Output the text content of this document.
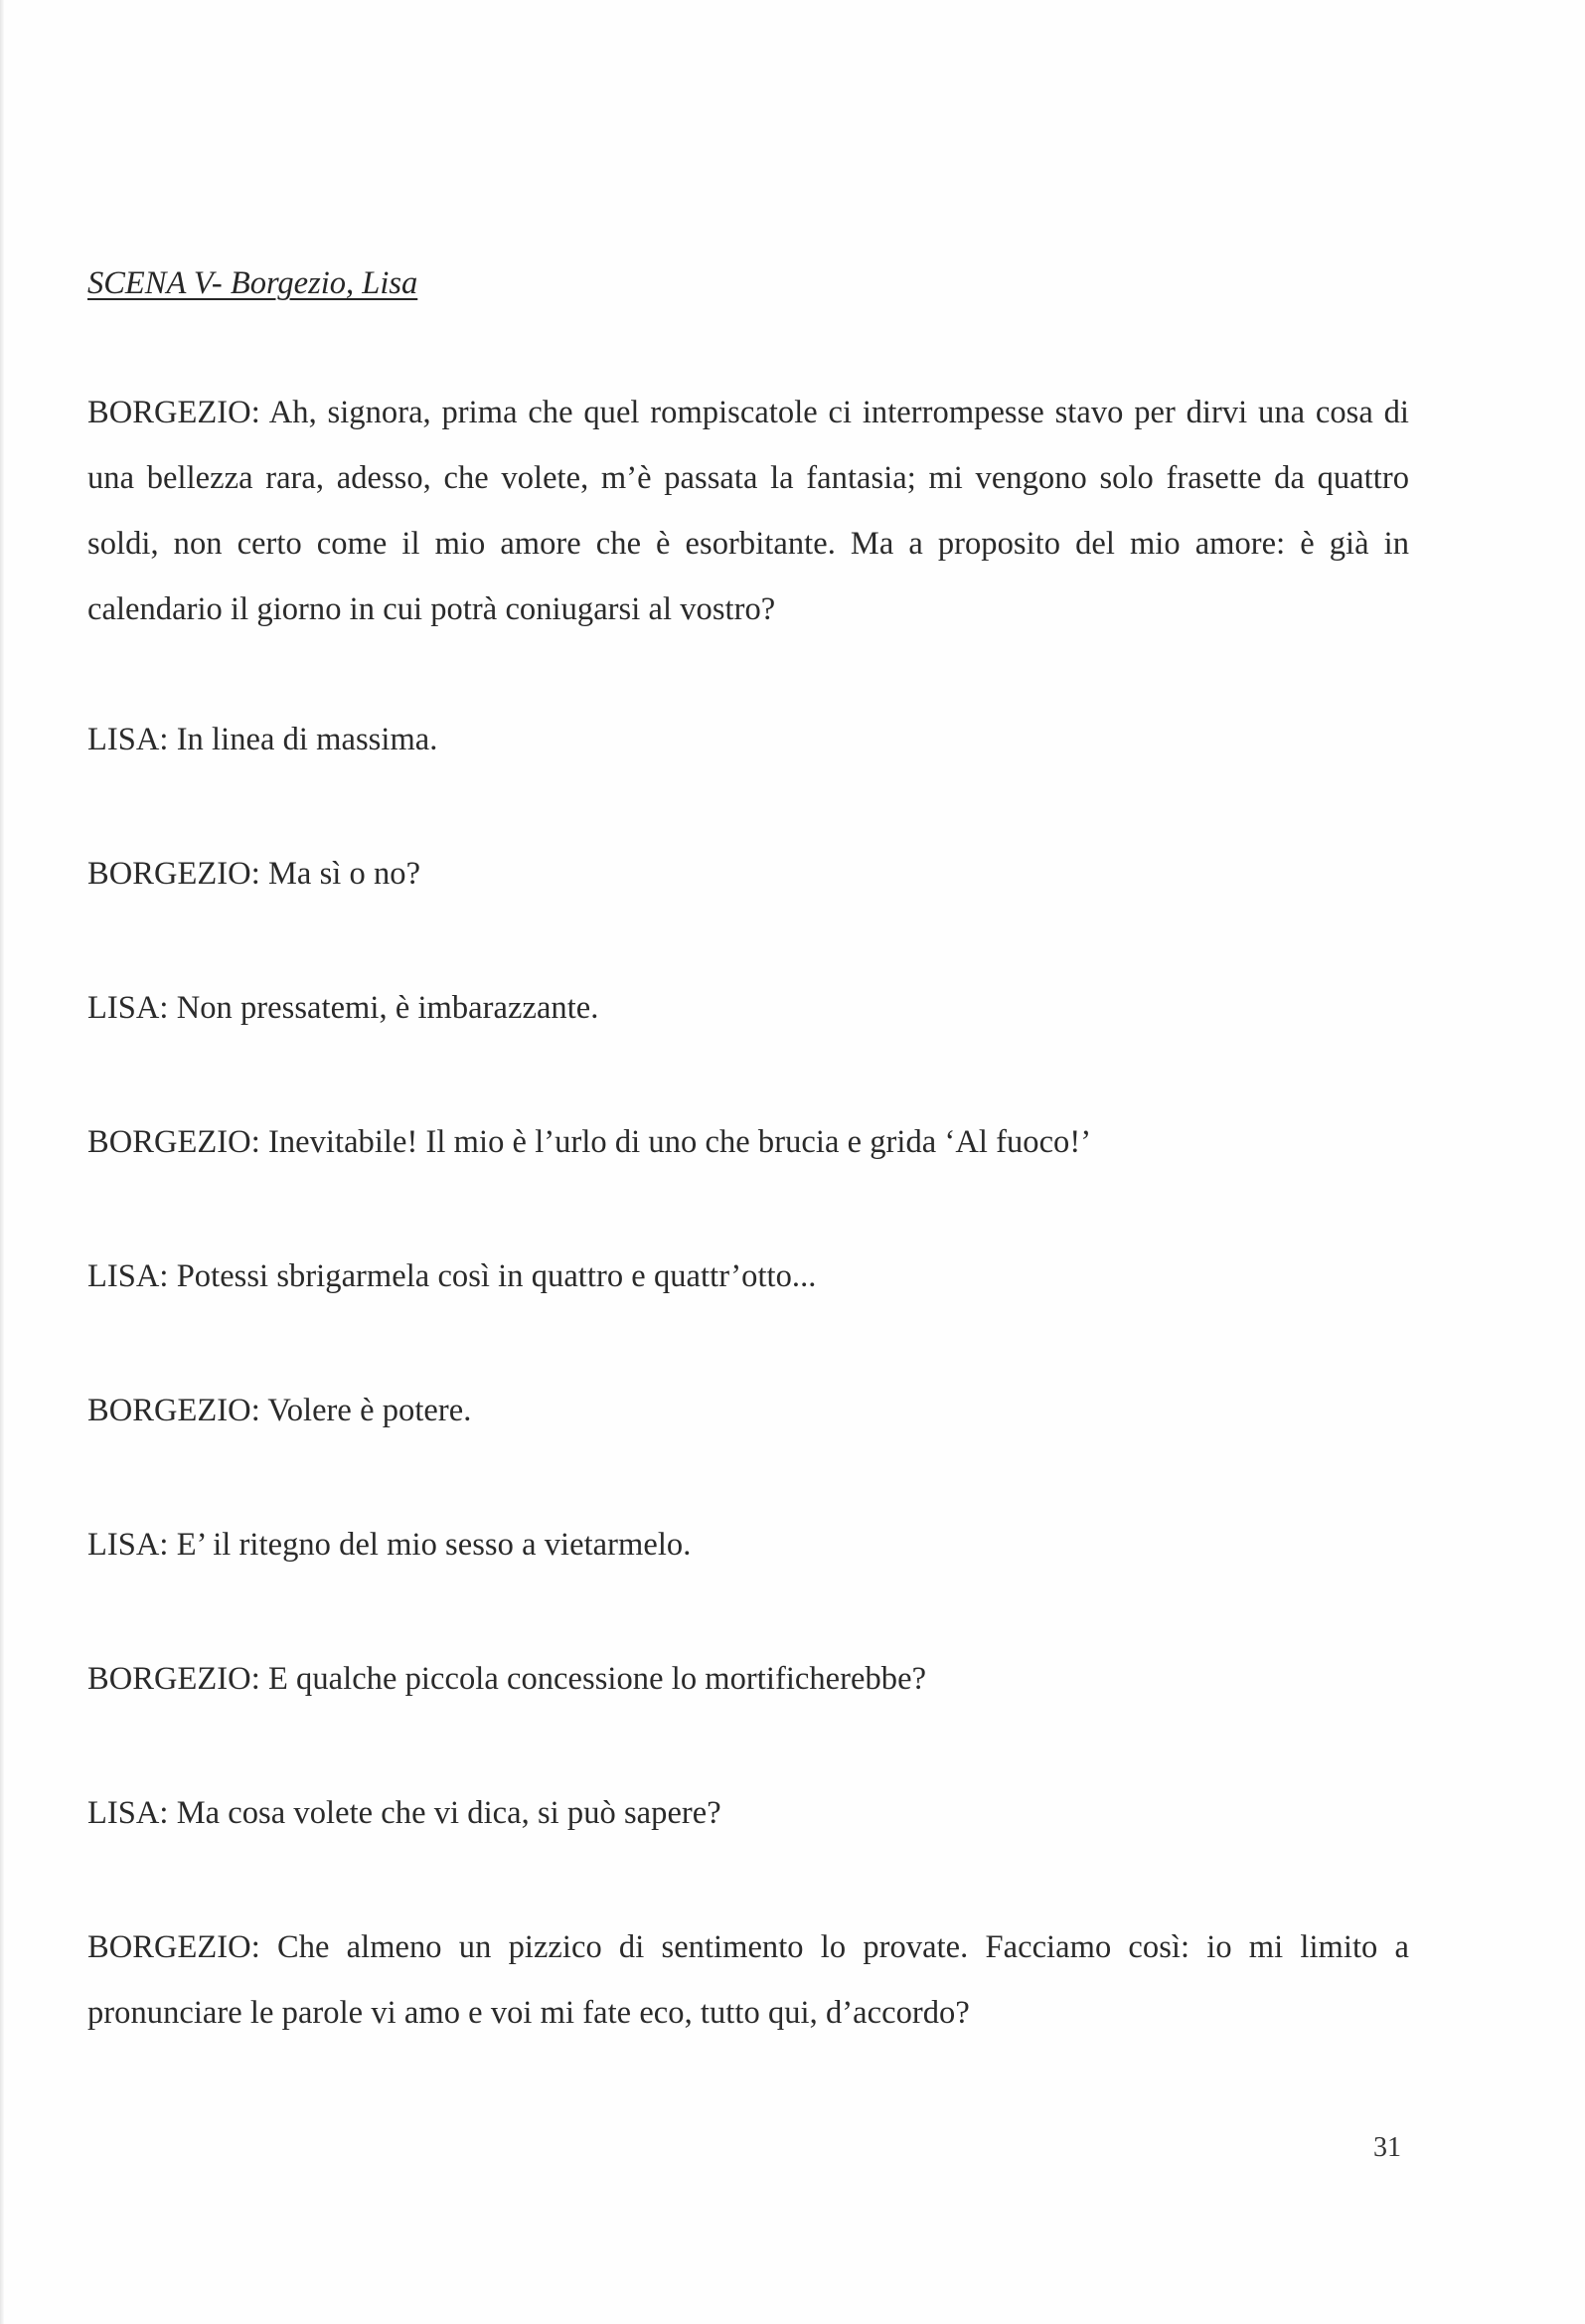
SCENA V- Borgezio, Lisa
BORGEZIO: Ah, signora, prima che quel rompiscatole ci interrompesse stavo per dirvi una cosa di una bellezza rara, adesso, che volete, m’è passata la fantasia; mi vengono solo frasette da quattro soldi, non certo come il mio amore che è esorbitante. Ma a proposito del mio amore: è già in calendario il giorno in cui potrà coniugarsi al vostro?
LISA: In linea di massima.
BORGEZIO: Ma sì o no?
LISA: Non pressatemi, è imbarazzante.
BORGEZIO: Inevitabile! Il mio è l’urlo di uno che brucia e grida ‘Al fuoco!’
LISA: Potessi sbrigarmela così in quattro e quattr’otto...
BORGEZIO: Volere è potere.
LISA: E’ il ritegno del mio sesso a vietarmelo.
BORGEZIO: E qualche piccola concessione lo mortificherebbe?
LISA: Ma cosa volete che vi dica, si può sapere?
BORGEZIO: Che almeno un pizzico di sentimento lo provate. Facciamo così: io mi limito a pronunciare le parole vi amo e voi mi fate eco, tutto qui, d’accordo?
31
